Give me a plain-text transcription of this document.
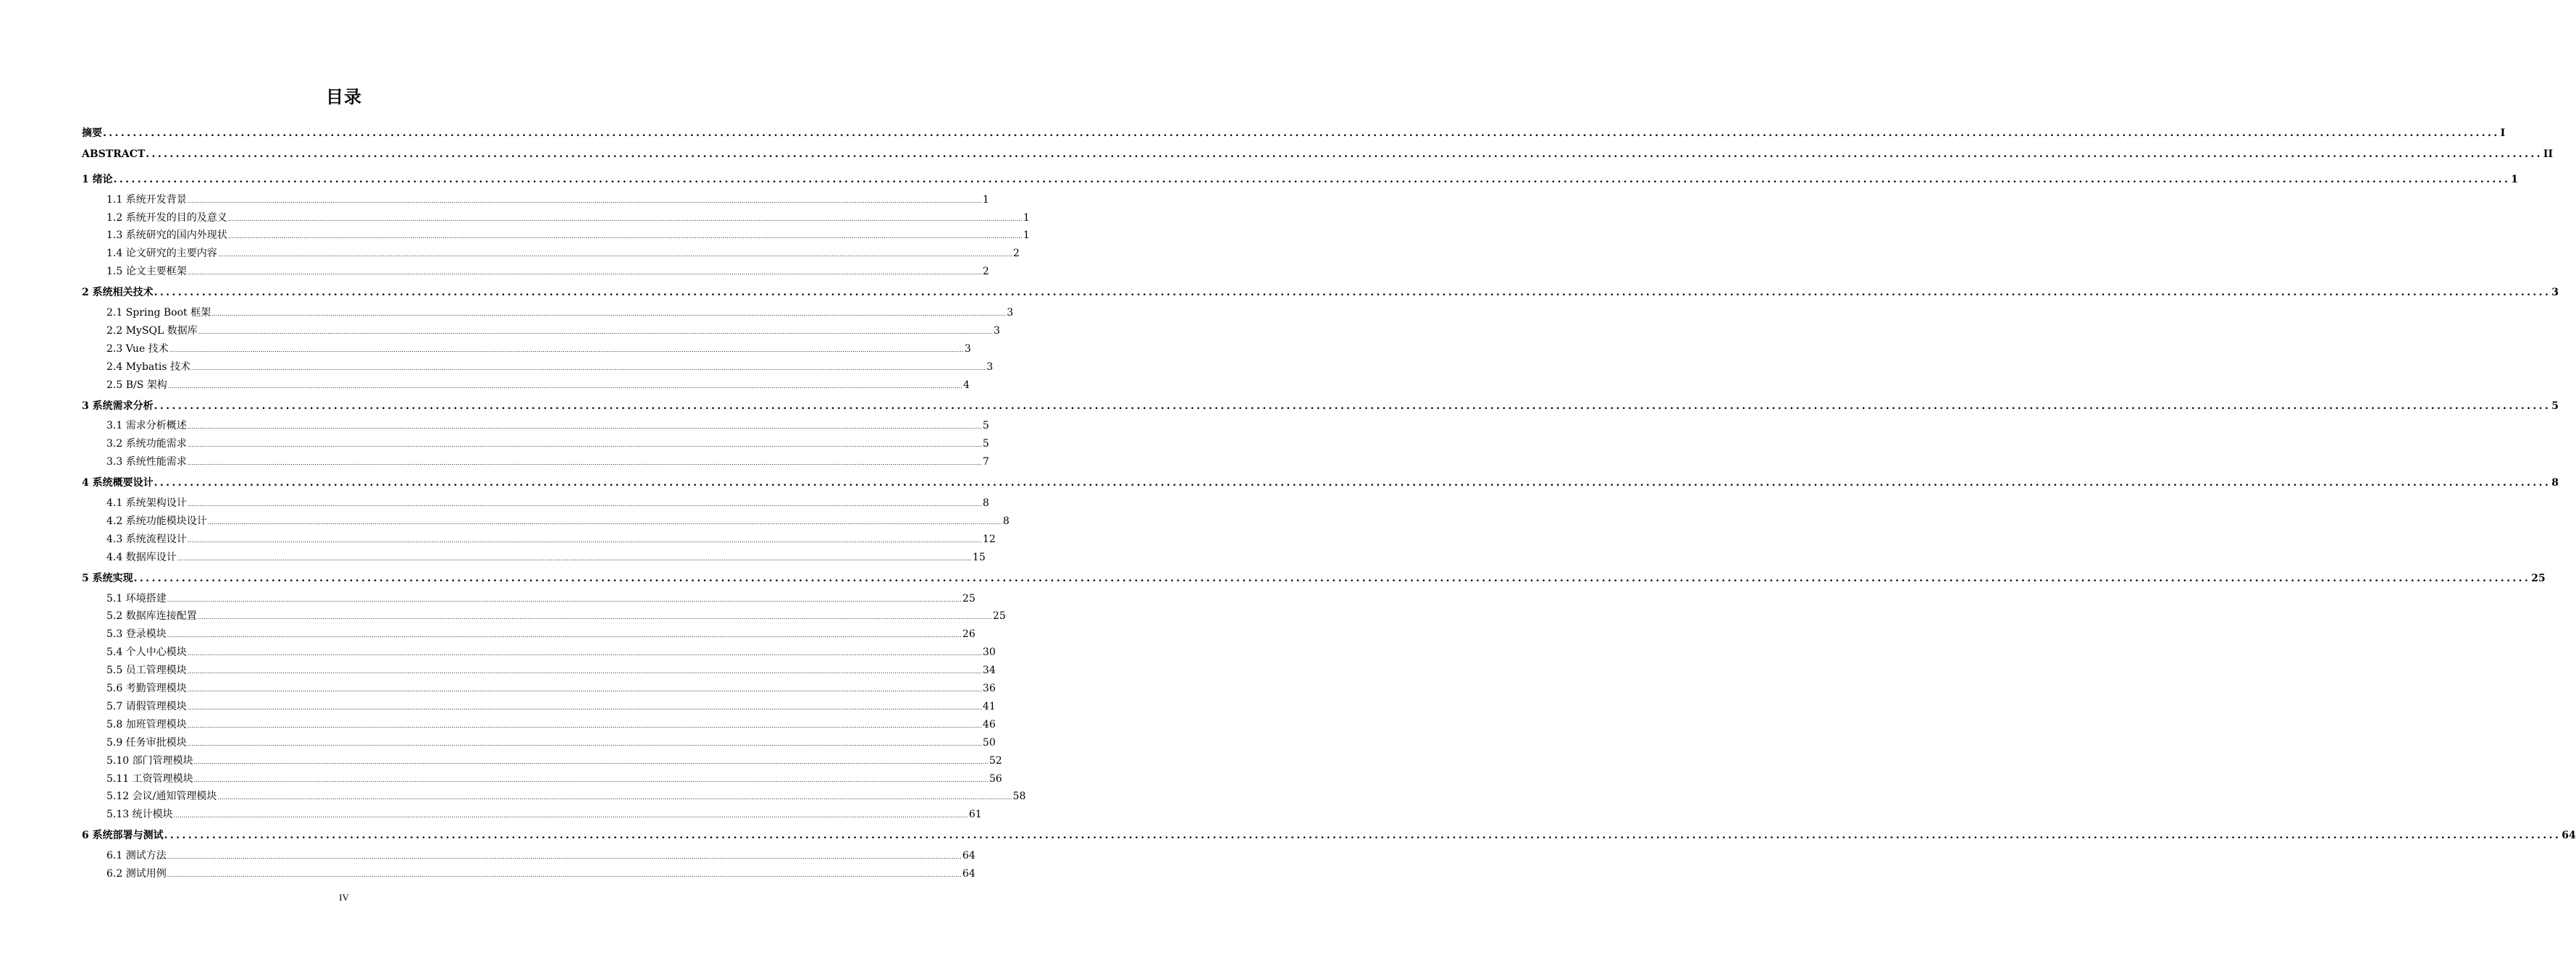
目录
摘要 ................................................................................................................................................................................................................................................................................................................................................................................................................ I
ABSTRACT ................................................................................................................................................................................................................................................................................................................................................................................................................ II
1 绪论 ................................................................................................................................................................................................................................................................................................................................................................................................................ 1
1.1 系统开发背景 ................................................................................................................................................................................................................................................................................................................................................................................................................ 1
1.2 系统开发的目的及意义 ................................................................................................................................................................................................................................................................................................................................................................................................................ 1
1.3 系统研究的国内外现状 ................................................................................................................................................................................................................................................................................................................................................................................................................ 1
1.4 论文研究的主要内容 ................................................................................................................................................................................................................................................................................................................................................................................................................ 2
1.5 论文主要框架 ................................................................................................................................................................................................................................................................................................................................................................................................................ 2
2 系统相关技术 ................................................................................................................................................................................................................................................................................................................................................................................................................ 3
2.1 Spring Boot 框架 ................................................................................................................................................................................................................................................................................................................................................................................................................ 3
2.2 MySQL 数据库 ................................................................................................................................................................................................................................................................................................................................................................................................................ 3
2.3 Vue 技术 ................................................................................................................................................................................................................................................................................................................................................................................................................ 3
2.4 Mybatis 技术 ................................................................................................................................................................................................................................................................................................................................................................................................................ 3
2.5 B/S 架构 ................................................................................................................................................................................................................................................................................................................................................................................................................ 4
3 系统需求分析 ................................................................................................................................................................................................................................................................................................................................................................................................................ 5
3.1 需求分析概述 ................................................................................................................................................................................................................................................................................................................................................................................................................ 5
3.2 系统功能需求 ................................................................................................................................................................................................................................................................................................................................................................................................................ 5
3.3 系统性能需求 ................................................................................................................................................................................................................................................................................................................................................................................................................ 7
4 系统概要设计 ................................................................................................................................................................................................................................................................................................................................................................................................................ 8
4.1 系统架构设计 ................................................................................................................................................................................................................................................................................................................................................................................................................ 8
4.2 系统功能模块设计 ................................................................................................................................................................................................................................................................................................................................................................................................................ 8
4.3 系统流程设计 ................................................................................................................................................................................................................................................................................................................................................................................................................ 12
4.4 数据库设计 ................................................................................................................................................................................................................................................................................................................................................................................................................ 15
5 系统实现 ................................................................................................................................................................................................................................................................................................................................................................................................................ 25
5.1 环境搭建 ................................................................................................................................................................................................................................................................................................................................................................................................................ 25
5.2 数据库连接配置 ................................................................................................................................................................................................................................................................................................................................................................................................................ 25
5.3 登录模块 ................................................................................................................................................................................................................................................................................................................................................................................................................ 26
5.4 个人中心模块 ................................................................................................................................................................................................................................................................................................................................................................................................................ 30
5.5 员工管理模块 ................................................................................................................................................................................................................................................................................................................................................................................................................ 34
5.6 考勤管理模块 ................................................................................................................................................................................................................................................................................................................................................................................................................ 36
5.7 请假管理模块 ................................................................................................................................................................................................................................................................................................................................................................................................................ 41
5.8 加班管理模块 ................................................................................................................................................................................................................................................................................................................................................................................................................ 46
5.9 任务审批模块 ................................................................................................................................................................................................................................................................................................................................................................................................................ 50
5.10 部门管理模块 ................................................................................................................................................................................................................................................................................................................................................................................................................ 52
5.11 工资管理模块 ................................................................................................................................................................................................................................................................................................................................................................................................................ 56
5.12 会议/通知管理模块 ................................................................................................................................................................................................................................................................................................................................................................................................................ 58
5.13 统计模块 ................................................................................................................................................................................................................................................................................................................................................................................................................ 61
6 系统部署与测试 ................................................................................................................................................................................................................................................................................................................................................................................................................ 64
6.1 测试方法 ................................................................................................................................................................................................................................................................................................................................................................................................................ 64
6.2 测试用例 ................................................................................................................................................................................................................................................................................................................................................................................................................ 64
IV
